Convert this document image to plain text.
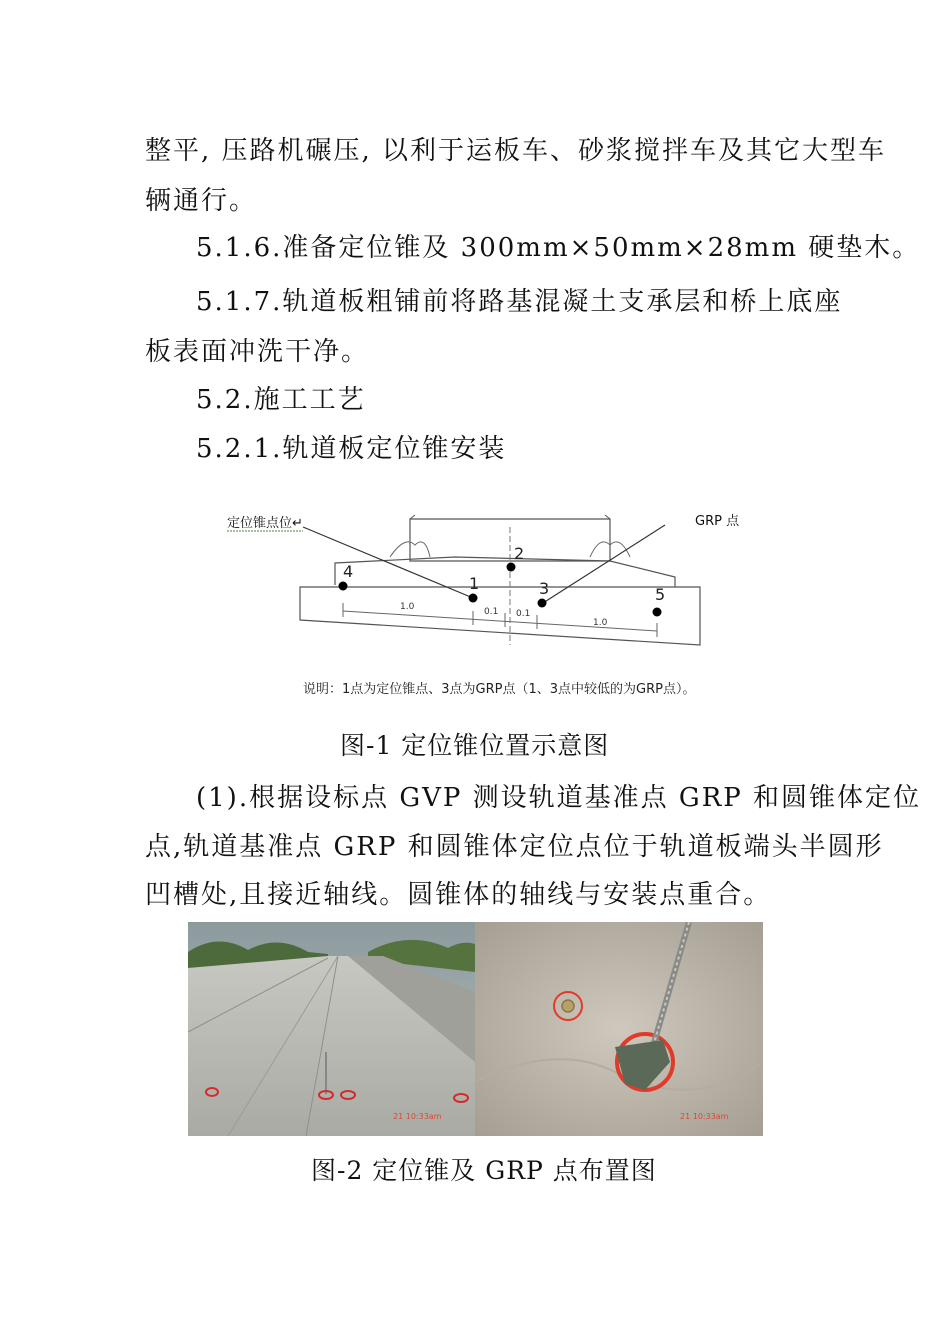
整平, 压路机碾压, 以利于运板车、砂浆搅拌车及其它大型车
辆通行。
5.1.6.准备定位锥及 300mm×50mm×28mm 硬垫木。
5.1.7.轨道板粗铺前将路基混凝土支承层和桥上底座
板表面冲洗干净。
5.2.施工工艺
5.2.1.轨道板定位锥安装
1
2
3
4
5
1.0	0.1 0.1
1.0
定位锥点位↵	GRP 点
说明：1点为定位锥点、3点为GRP点（1、3点中较低的为GRP点）。
图-1 定位锥位置示意图
(1).根据设标点 GVP 测设轨道基准点 GRP 和圆锥体定位
点,轨道基准点 GRP 和圆锥体定位点位于轨道板端头半圆形
凹槽处,且接近轴线。圆锥体的轴线与安装点重合。
21 10:33am	21 10:33am
图-2 定位锥及 GRP 点布置图
